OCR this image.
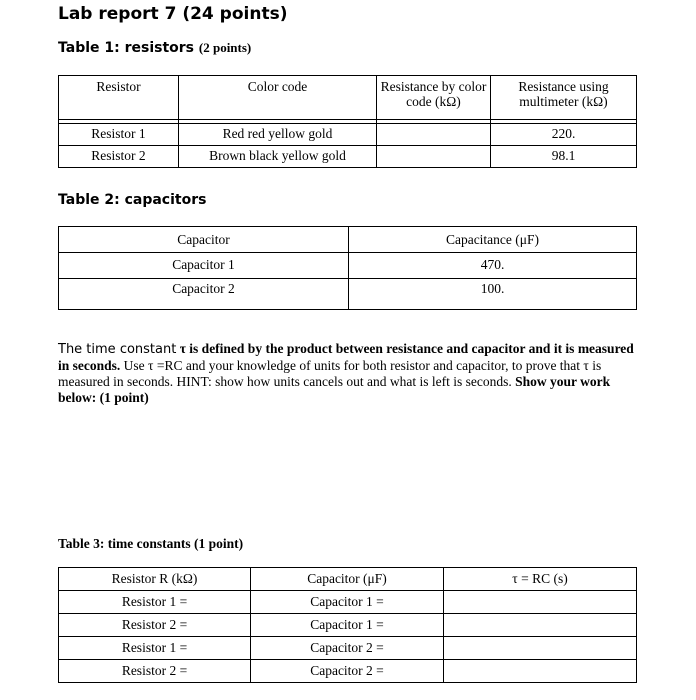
Lab report 7 (24 points)
Table 1: resistors (2 points)
Resistor	Color code	Resistance by color code (kΩ)	Resistance using multimeter (kΩ)

Resistor 1	Red red yellow gold		220.
Resistor 2	Brown black yellow gold		98.1
Table 2: capacitors
Capacitor	Capacitance (μF)
Capacitor 1	470.
Capacitor 2	100.
The time constant τ is defined by the product between resistance and capacitor and it is measured in seconds. Use τ =RC and your knowledge of units for both resistor and capacitor, to prove that τ is measured in seconds. HINT: show how units cancels out and what is left is seconds. Show your work below: (1 point)
Table 3: time constants (1 point)
Resistor R (kΩ)	Capacitor (μF)	τ = RC (s)
Resistor 1 =	Capacitor 1 =	
Resistor 2 =	Capacitor 1 =	
Resistor 1 =	Capacitor 2 =	
Resistor 2 =	Capacitor 2 =	
